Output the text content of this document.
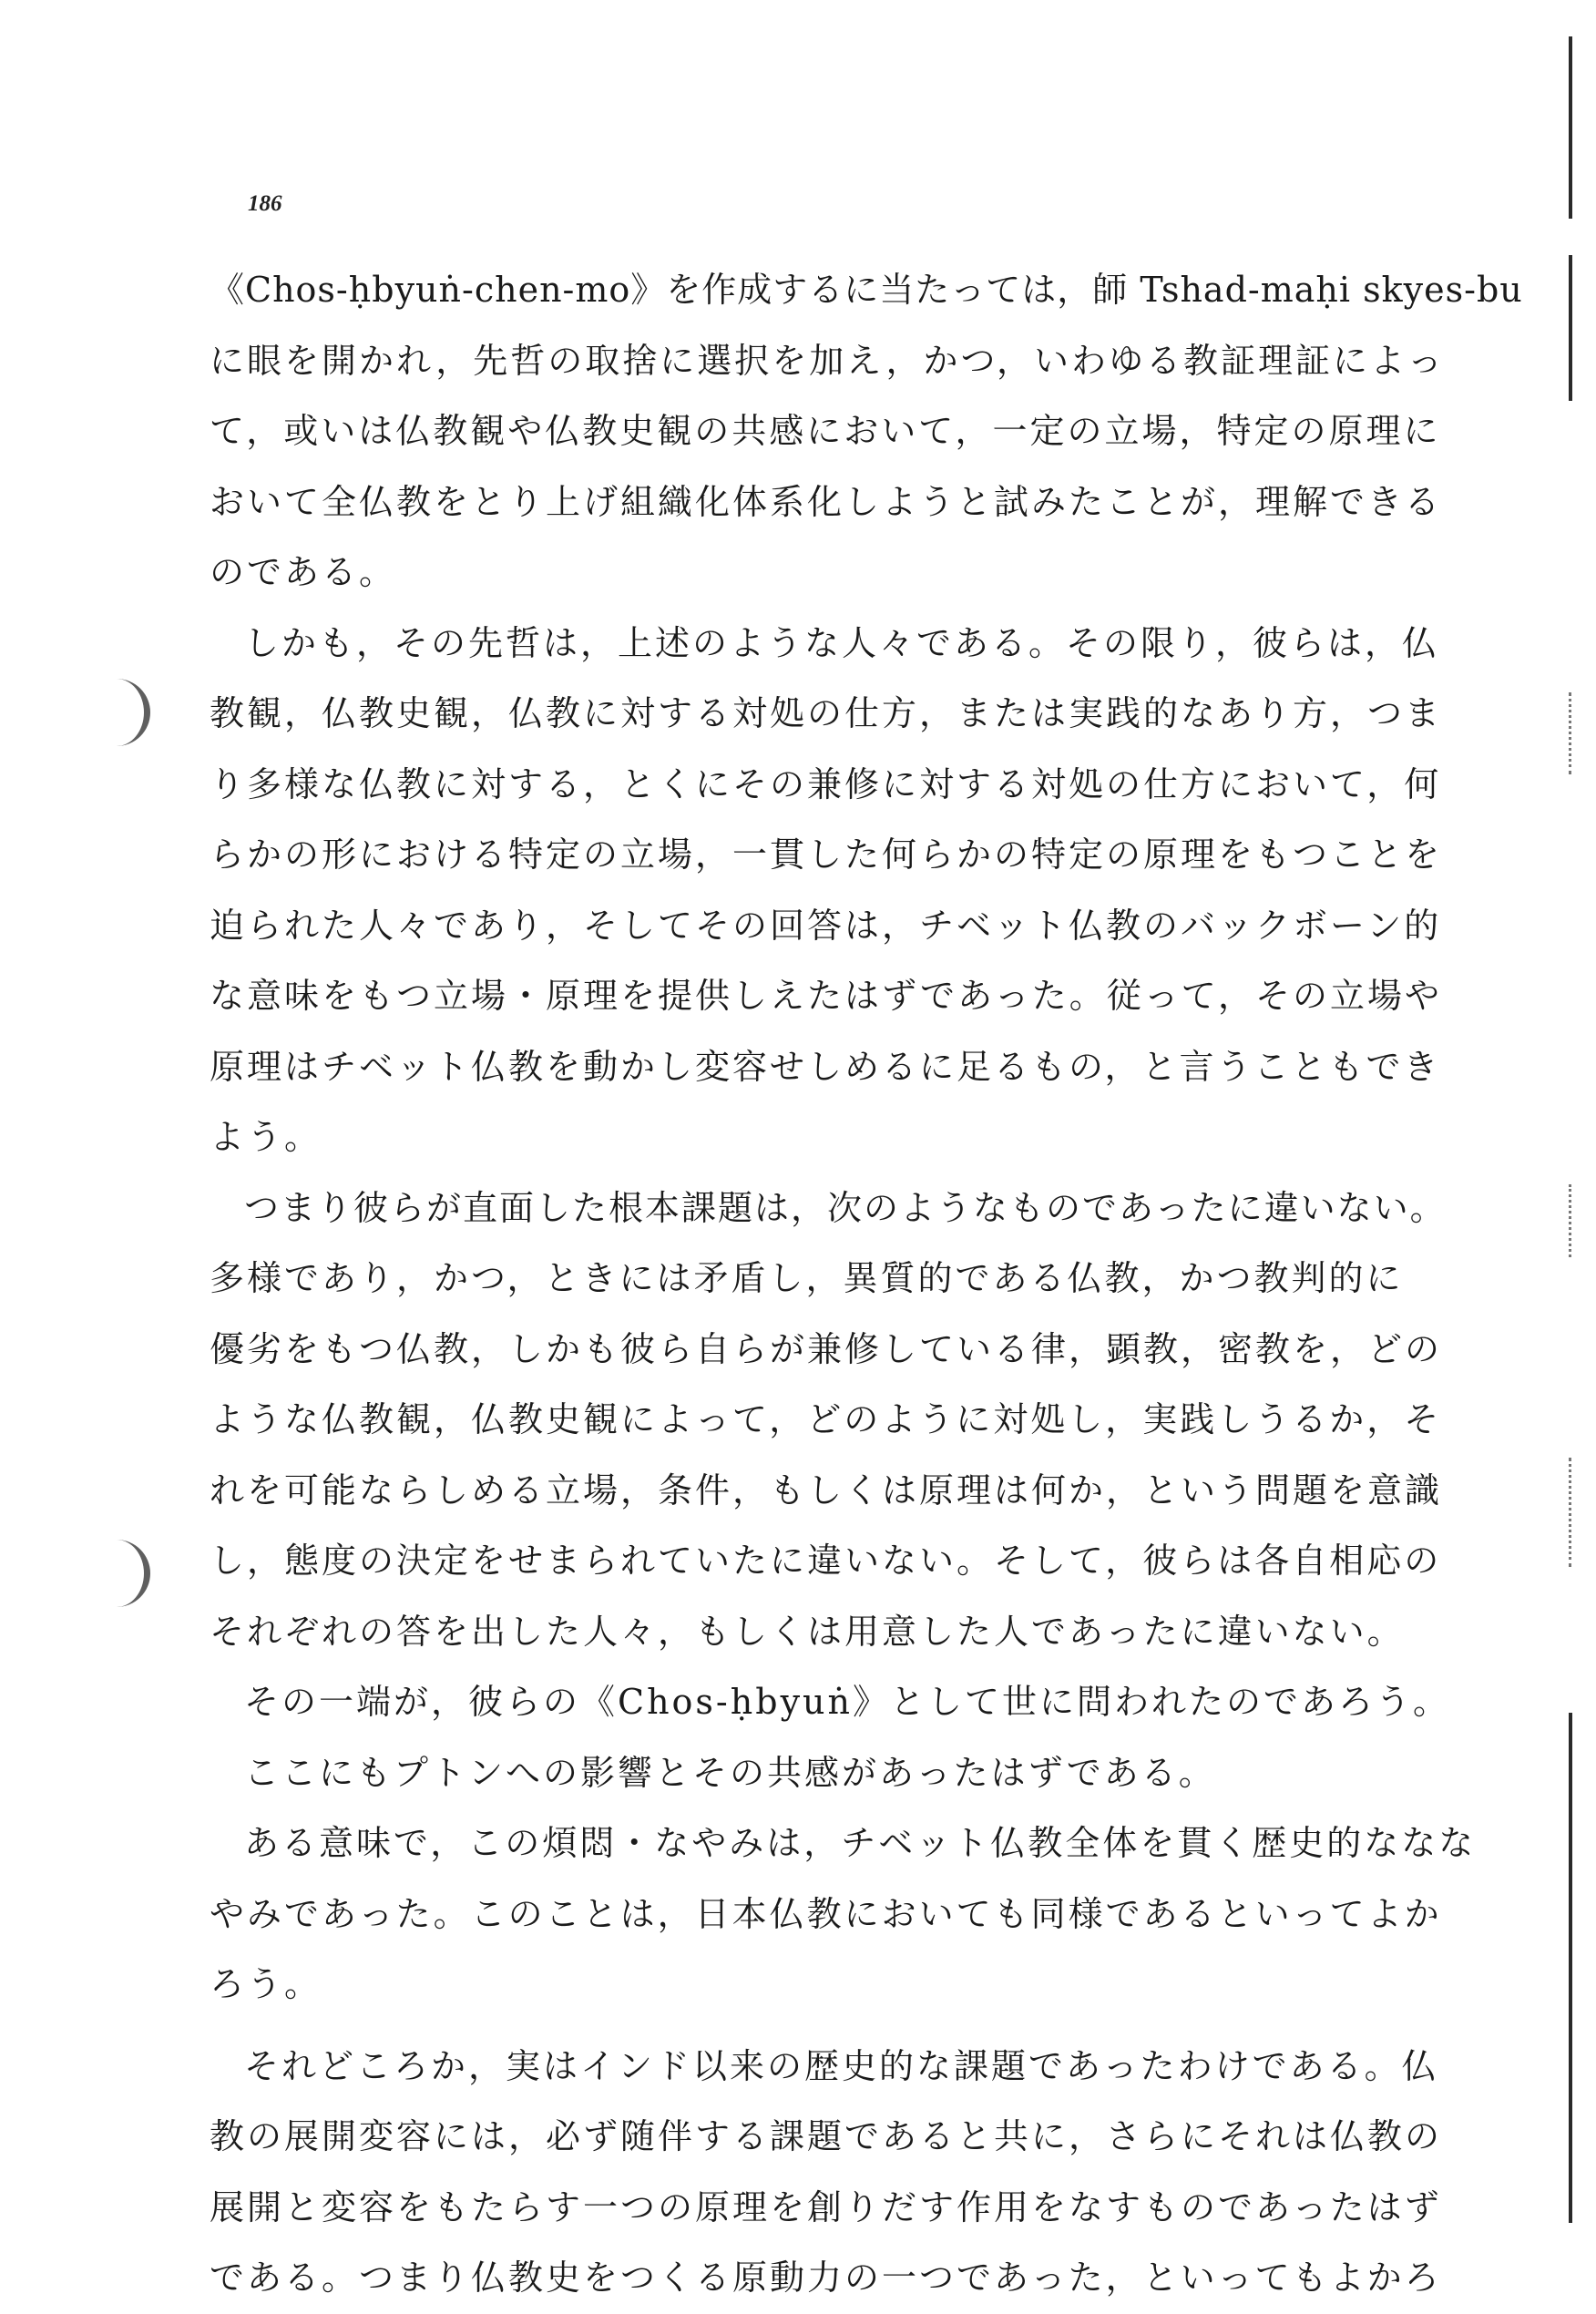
186
《Chos-ḥbyuṅ-chen-mo》を作成するに当たっては，師 Tshad-maḥi skyes-bu
に眼を開かれ，先哲の取捨に選択を加え，かつ，いわゆる教証理証によっ
て，或いは仏教観や仏教史観の共感において，一定の立場，特定の原理に
おいて全仏教をとり上げ組織化体系化しようと試みたことが，理解できる
のである。
しかも，その先哲は，上述のような人々である。その限り，彼らは，仏
教観，仏教史観，仏教に対する対処の仕方，または実践的なあり方，つま
り多様な仏教に対する，とくにその兼修に対する対処の仕方において，何
らかの形における特定の立場，一貫した何らかの特定の原理をもつことを
迫られた人々であり，そしてその回答は，チベット仏教のバックボーン的
な意味をもつ立場・原理を提供しえたはずであった。従って，その立場や
原理はチベット仏教を動かし変容せしめるに足るもの，と言うこともでき
よう。
つまり彼らが直面した根本課題は，次のようなものであったに違いない。
多様であり，かつ，ときには矛盾し，異質的である仏教，かつ教判的に
優劣をもつ仏教，しかも彼ら自らが兼修している律，顕教，密教を，どの
ような仏教観，仏教史観によって，どのように対処し，実践しうるか，そ
れを可能ならしめる立場，条件，もしくは原理は何か，という問題を意識
し，態度の決定をせまられていたに違いない。そして，彼らは各自相応の
それぞれの答を出した人々，もしくは用意した人であったに違いない。
その一端が，彼らの《Chos-ḥbyuṅ》として世に問われたのであろう。
ここにもプトンへの影響とその共感があったはずである。
ある意味で，この煩悶・なやみは，チベット仏教全体を貫く歴史的ななな
やみであった。このことは，日本仏教においても同様であるといってよか
ろう。
それどころか，実はインド以来の歴史的な課題であったわけである。仏
教の展開変容には，必ず随伴する課題であると共に，さらにそれは仏教の
展開と変容をもたらす一つの原理を創りだす作用をなすものであったはず
である。つまり仏教史をつくる原動力の一つであった，といってもよかろ
